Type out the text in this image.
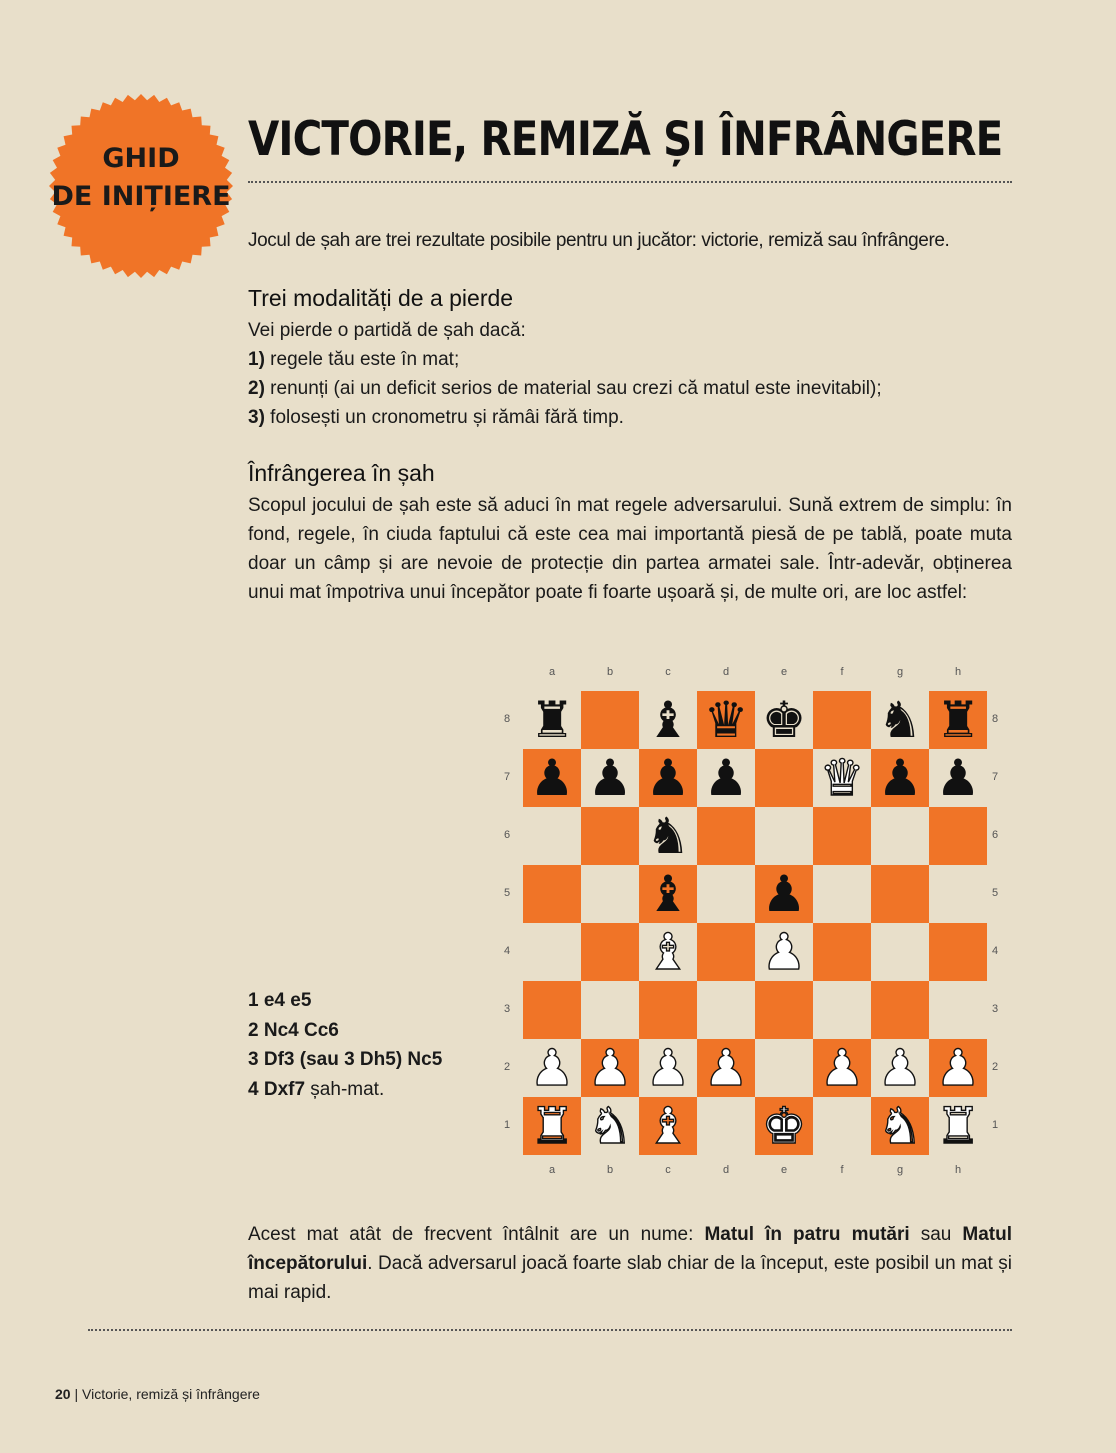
GHID
DE INIȚIERE
VICTORIE, REMIZĂ ȘI ÎNFRÂNGERE
Jocul de șah are trei rezultate posibile pentru un jucător: victorie, remiză sau înfrângere.
Trei modalități de a pierde

Vei pierde o partidă de șah dacă:

1) regele tău este în mat;

2) renunți (ai un deficit serios de material sau crezi că matul este inevitabil);

3) folosești un cronometru și rămâi fără timp.

Înfrângerea în șah
Scopul jocului de șah este să aduci în mat regele adversarului. Sună extrem de simplu: în fond, regele, în ciuda faptului că este cea mai importantă piesă de pe tablă, poate muta doar un câmp și are nevoie de protecție din partea armatei sale. Într-adevăr, obținerea unui mat împotriva unui începător poate fi foarte ușoară și, de multe ori, are loc astfel:
1 e4 e5
2 Nc4 Cc6
3 Df3 (sau 3 Dh5) Nc5
4 Dxf7 șah-mat.
a
a
b
b
c
c
d
d
e
e
f
f
g
g
h
h
8	8
7	7
6	6
5	5
4	4
3	3
2	2
1	1
♜ ♝ ♛ ♚ ♞ ♜
♟ ♟ ♟ ♟ ♛ ♟ ♟
♞
♝ ♟
♝ ♟
♟ ♟ ♟ ♟ ♟ ♟ ♟
♜ ♞ ♝ ♚ ♞ ♜
Acest mat atât de frecvent întâlnit are un nume: Matul în patru mutări sau Matul începătorului. Dacă adversarul joacă foarte slab chiar de la început, este posibil un mat și mai rapid.
20 | Victorie, remiză și înfrângere
